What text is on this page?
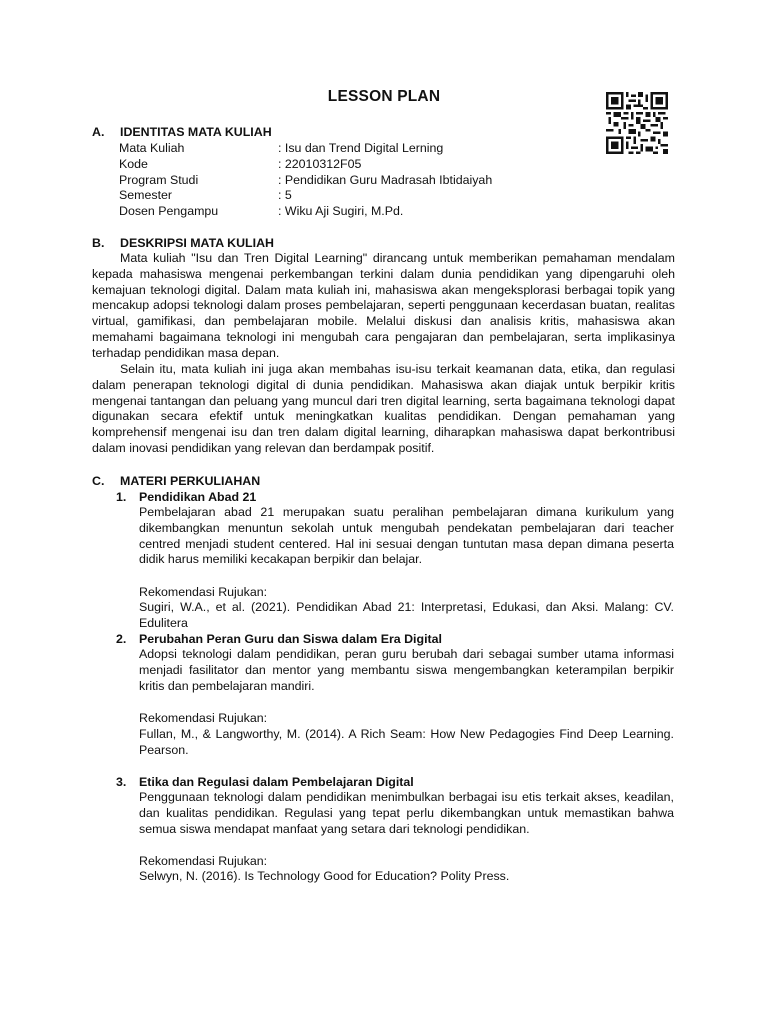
LESSON PLAN
A. IDENTITAS MATA KULIAH
Mata Kuliah	: Isu dan Trend Digital Lerning
Kode	: 22010312F05
Program Studi	: Pendidikan Guru Madrasah Ibtidaiyah
Semester	: 5
Dosen Pengampu	: Wiku Aji Sugiri, M.Pd.
B. DESKRIPSI MATA KULIAH

Mata kuliah "Isu dan Tren Digital Learning" dirancang untuk memberikan pemahaman mendalam kepada mahasiswa mengenai perkembangan terkini dalam dunia pendidikan yang dipengaruhi oleh kemajuan teknologi digital. Dalam mata kuliah ini, mahasiswa akan mengeksplorasi berbagai topik yang mencakup adopsi teknologi dalam proses pembelajaran, seperti penggunaan kecerdasan buatan, realitas virtual, gamifikasi, dan pembelajaran mobile. Melalui diskusi dan analisis kritis, mahasiswa akan memahami bagaimana teknologi ini mengubah cara pengajaran dan pembelajaran, serta implikasinya terhadap pendidikan masa depan.

Selain itu, mata kuliah ini juga akan membahas isu-isu terkait keamanan data, etika, dan regulasi dalam penerapan teknologi digital di dunia pendidikan. Mahasiswa akan diajak untuk berpikir kritis mengenai tantangan dan peluang yang muncul dari tren digital learning, serta bagaimana teknologi dapat digunakan secara efektif untuk meningkatkan kualitas pendidikan. Dengan pemahaman yang komprehensif mengenai isu dan tren dalam digital learning, diharapkan mahasiswa dapat berkontribusi dalam inovasi pendidikan yang relevan dan berdampak positif.

C. MATERI PERKULIAHAN
1. Pendidikan Abad 21

Pembelajaran abad 21 merupakan suatu peralihan pembelajaran dimana kurikulum yang dikembangkan menuntun sekolah untuk mengubah pendekatan pembelajaran dari teacher centred menjadi student centered. Hal ini sesuai dengan tuntutan masa depan dimana peserta didik harus memiliki kecakapan berpikir dan belajar.

Rekomendasi Rujukan:

Sugiri, W.A., et al. (2021). Pendidikan Abad 21: Interpretasi, Edukasi, dan Aksi. Malang: CV. Edulitera

2. Perubahan Peran Guru dan Siswa dalam Era Digital

Adopsi teknologi dalam pendidikan, peran guru berubah dari sebagai sumber utama informasi menjadi fasilitator dan mentor yang membantu siswa mengembangkan keterampilan berpikir kritis dan pembelajaran mandiri.

Rekomendasi Rujukan:

Fullan, M., & Langworthy, M. (2014). A Rich Seam: How New Pedagogies Find Deep Learning. Pearson.

3. Etika dan Regulasi dalam Pembelajaran Digital

Penggunaan teknologi dalam pendidikan menimbulkan berbagai isu etis terkait akses, keadilan, dan kualitas pendidikan. Regulasi yang tepat perlu dikembangkan untuk memastikan bahwa semua siswa mendapat manfaat yang setara dari teknologi pendidikan.

Rekomendasi Rujukan:

Selwyn, N. (2016). Is Technology Good for Education? Polity Press.
